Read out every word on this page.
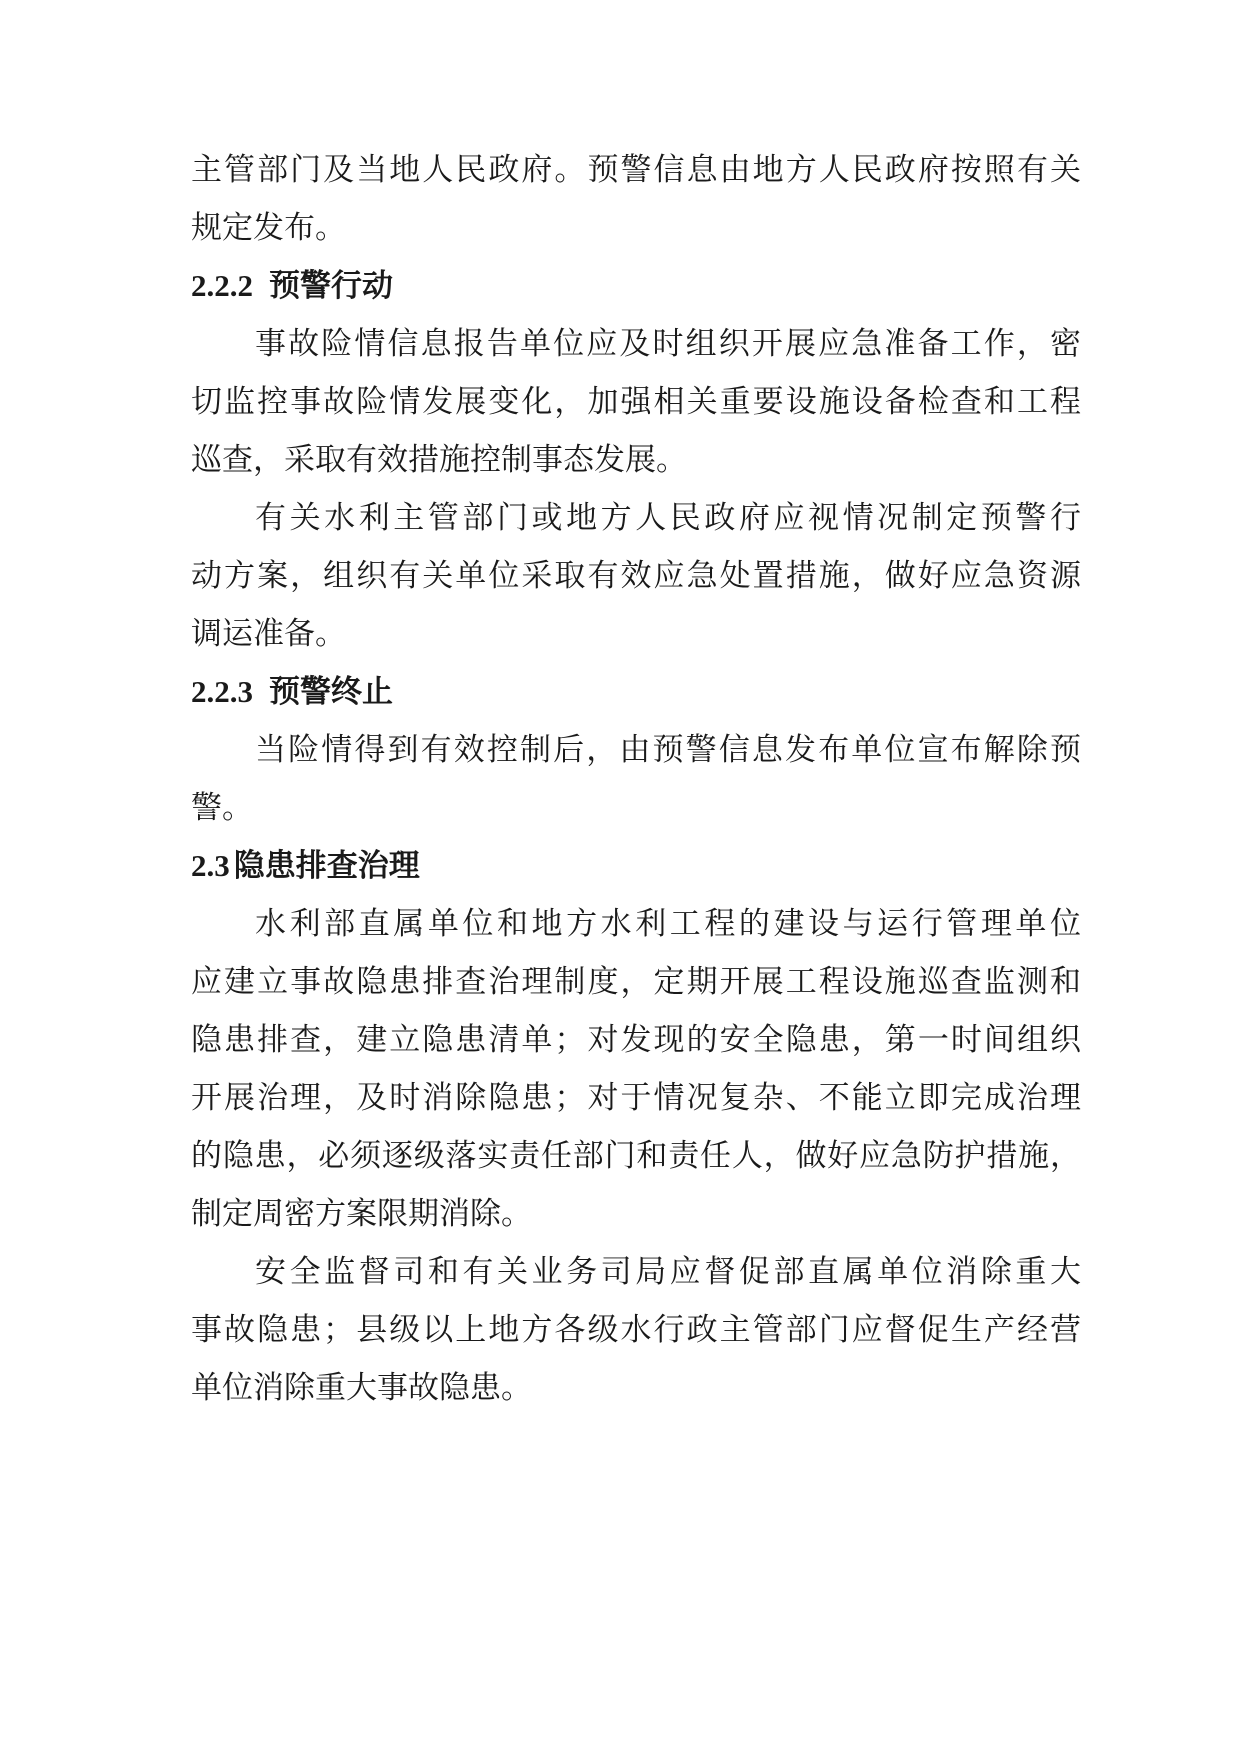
主管部门及当地人民政府。预警信息由地方人民政府按照有关
规定发布。
2.2.2 预警行动
事故险情信息报告单位应及时组织开展应急准备工作，密
切监控事故险情发展变化，加强相关重要设施设备检查和工程
巡查，采取有效措施控制事态发展。
有关水利主管部门或地方人民政府应视情况制定预警行
动方案，组织有关单位采取有效应急处置措施，做好应急资源
调运准备。
2.2.3 预警终止
当险情得到有效控制后，由预警信息发布单位宣布解除预
警。
2.3 隐患排查治理
水利部直属单位和地方水利工程的建设与运行管理单位
应建立事故隐患排查治理制度，定期开展工程设施巡查监测和
隐患排查，建立隐患清单；对发现的安全隐患，第一时间组织
开展治理，及时消除隐患；对于情况复杂、不能立即完成治理
的隐患，必须逐级落实责任部门和责任人，做好应急防护措施，
制定周密方案限期消除。
安全监督司和有关业务司局应督促部直属单位消除重大
事故隐患；县级以上地方各级水行政主管部门应督促生产经营
单位消除重大事故隐患。
